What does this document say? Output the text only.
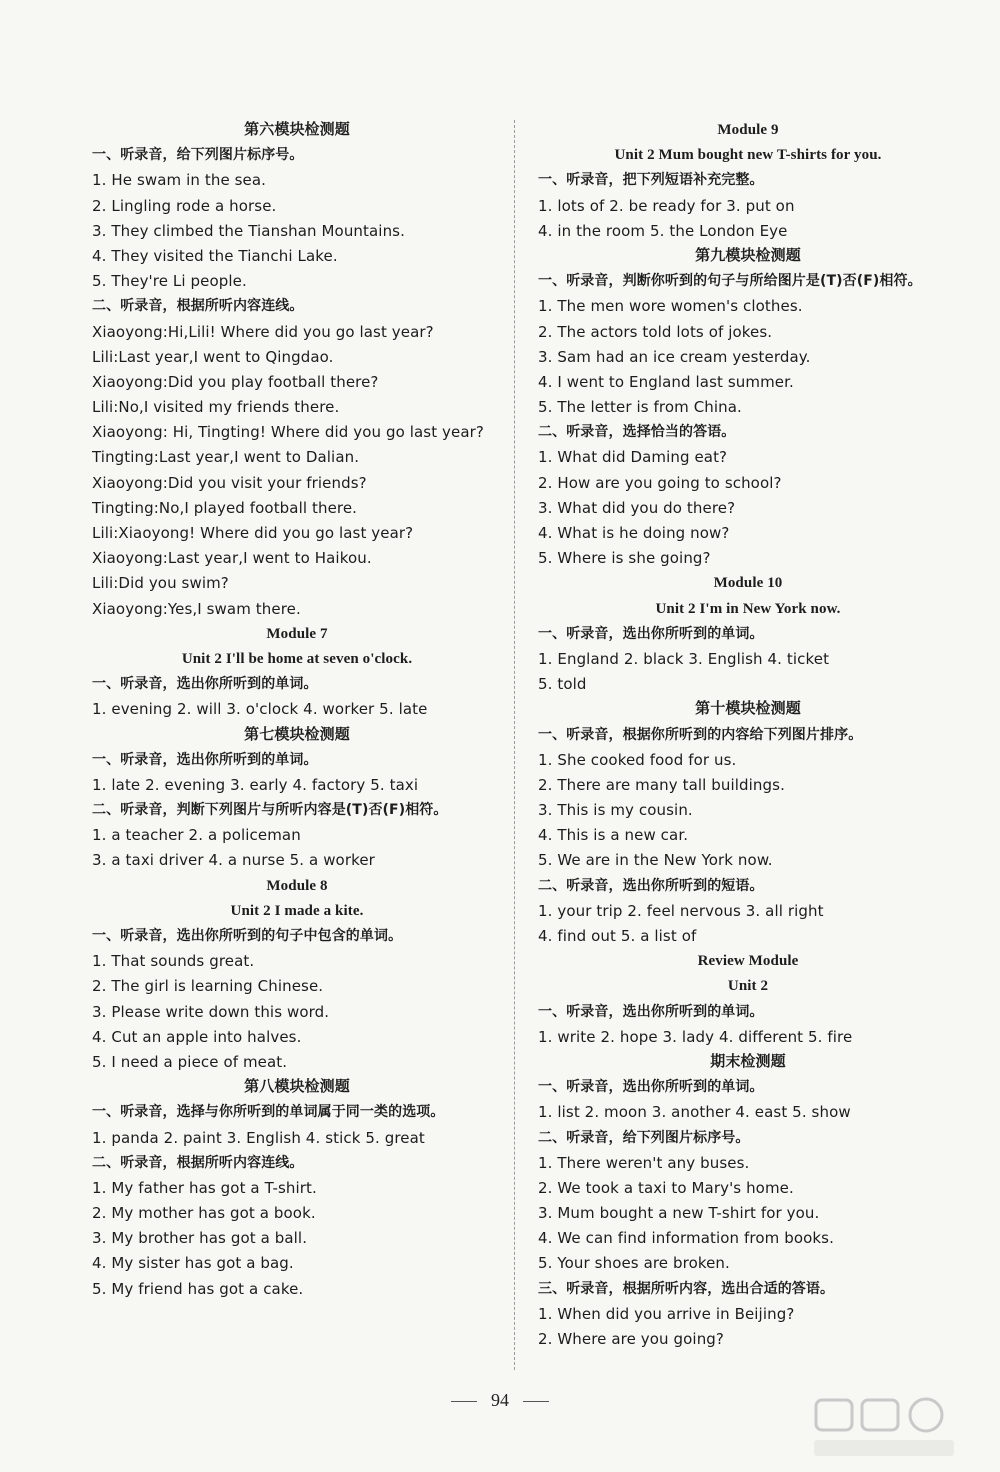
第六模块检测题
一、听录音，给下列图片标序号。
1. He swam in the sea.
2. Lingling rode a horse.
3. They climbed the Tianshan Mountains.
4. They visited the Tianchi Lake.
5. They're Li people.
二、听录音，根据所听内容连线。
Xiaoyong:Hi,Lili! Where did you go last year?
Lili:Last year,I went to Qingdao.
Xiaoyong:Did you play football there?
Lili:No,I visited my friends there.
Xiaoyong: Hi, Tingting! Where did you go last year?
Tingting:Last year,I went to Dalian.
Xiaoyong:Did you visit your friends?
Tingting:No,I played football there.
Lili:Xiaoyong! Where did you go last year?
Xiaoyong:Last year,I went to Haikou.
Lili:Did you swim?
Xiaoyong:Yes,I swam there.
Module 7
Unit 2 I'll be home at seven o'clock.
一、听录音，选出你所听到的单词。
1. evening 2. will 3. o'clock 4. worker 5. late
第七模块检测题
一、听录音，选出你所听到的单词。
1. late 2. evening 3. early 4. factory 5. taxi
二、听录音，判断下列图片与所听内容是(T)否(F)相符。
1. a teacher 2. a policeman
3. a taxi driver 4. a nurse 5. a worker
Module 8
Unit 2 I made a kite.
一、听录音，选出你所听到的句子中包含的单词。
1. That sounds great.
2. The girl is learning Chinese.
3. Please write down this word.
4. Cut an apple into halves.
5. I need a piece of meat.
第八模块检测题
一、听录音，选择与你所听到的单词属于同一类的选项。
1. panda 2. paint 3. English 4. stick 5. great
二、听录音，根据所听内容连线。
1. My father has got a T-shirt.
2. My mother has got a book.
3. My brother has got a ball.
4. My sister has got a bag.
5. My friend has got a cake.
Module 9
Unit 2 Mum bought new T-shirts for you.
一、听录音，把下列短语补充完整。
1. lots of 2. be ready for 3. put on
4. in the room 5. the London Eye
第九模块检测题
一、听录音，判断你听到的句子与所给图片是(T)否(F)相符。
1. The men wore women's clothes.
2. The actors told lots of jokes.
3. Sam had an ice cream yesterday.
4. I went to England last summer.
5. The letter is from China.
二、听录音，选择恰当的答语。
1. What did Daming eat?
2. How are you going to school?
3. What did you do there?
4. What is he doing now?
5. Where is she going?
Module 10
Unit 2 I'm in New York now.
一、听录音，选出你所听到的单词。
1. England 2. black 3. English 4. ticket
5. told
第十模块检测题
一、听录音，根据你所听到的内容给下列图片排序。
1. She cooked food for us.
2. There are many tall buildings.
3. This is my cousin.
4. This is a new car.
5. We are in the New York now.
二、听录音，选出你所听到的短语。
1. your trip 2. feel nervous 3. all right
4. find out 5. a list of
Review Module
Unit 2
一、听录音，选出你所听到的单词。
1. write 2. hope 3. lady 4. different 5. fire
期末检测题
一、听录音，选出你所听到的单词。
1. list 2. moon 3. another 4. east 5. show
二、听录音，给下列图片标序号。
1. There weren't any buses.
2. We took a taxi to Mary's home.
3. Mum bought a new T-shirt for you.
4. We can find information from books.
5. Your shoes are broken.
三、听录音，根据所听内容，选出合适的答语。
1. When did you arrive in Beijing?
2. Where are you going?
94
